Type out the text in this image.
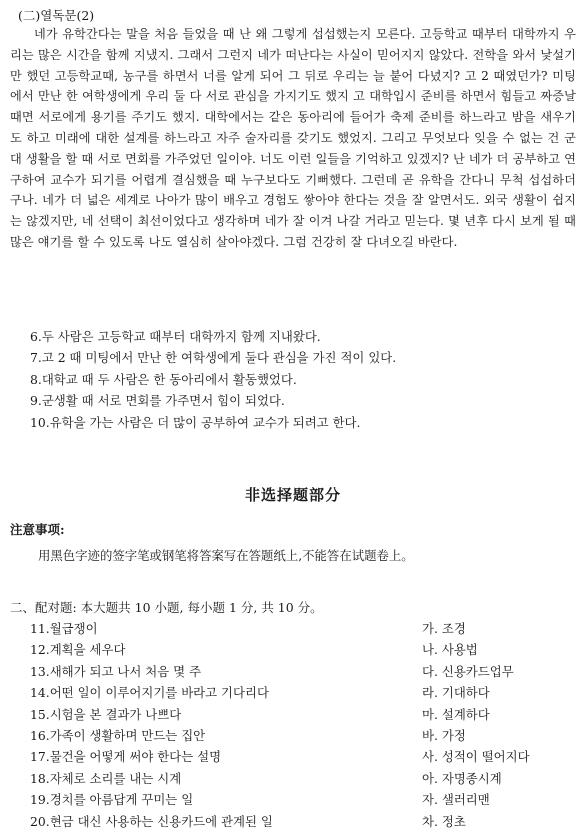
(二)열독문(2)
네가 유학간다는 말을 처음 들었을 때 난 왜 그렇게 섭섭했는지 모른다. 고등학교 때부터 대학까지 우리는 많은 시간을 함께 지냈지. 그래서 그런지 네가 떠난다는 사실이 믿어지지 않았다. 전학을 와서 낯설기만 했던 고등학교때, 농구를 하면서 너를 알게 되어 그 뒤로 우리는 늘 붙어 다녔지? 고 2 때였던가? 미팅에서 만난 한 여학생에게 우리 둘 다 서로 관심을 가지기도 했지 고 대학입시 준비를 하면서 힘들고 짜증날 때면 서로에게 용기를 주기도 했지. 대학에서는 같은 동아리에 들어가 축제 준비를 하느라고 밤을 새우기도 하고 미래에 대한 설계를 하느라고 자주 술자리를 갖기도 했었지. 그리고 무엇보다 잊을 수 없는 건 군대 생활을 할 때 서로 면회를 가주었던 일이야. 너도 이런 일들을 기억하고 있겠지? 난 네가 더 공부하고 연구하여 교수가 되기를 어렵게 결심했을 때 누구보다도 기뻐했다. 그런데 곧 유학을 간다니 무척 섭섭하더구나. 네가 더 넓은 세계로 나아가 많이 배우고 경험도 쌓아야 한다는 것을 잘 알면서도. 외국 생활이 쉽지는 않겠지만, 네 선택이 최선이었다고 생각하며 네가 잘 이겨 나갈 거라고 믿는다. 몇 년후 다시 보게 될 때 많은 얘기를 할 수 있도록 나도 열심히 살아야겠다. 그럼 건강히 잘 다녀오길 바란다.
6.두 사람은 고등학교 때부터 대학까지 함께 지내왔다.
7.고 2 때 미팅에서 만난 한 여학생에게 둘다 관심을 가진 적이 있다.
8.대학교 때 두 사람은 한 동아리에서 활동했었다.
9.군생활 때 서로 면회를 가주면서 힘이 되었다.
10.유학을 가는 사람은 더 많이 공부하여 교수가 되려고 한다.
非选择题部分
注意事项:
用黑色字迹的签字笔或钢笔将答案写在答题纸上,不能答在试题卷上。
二、配对题: 本大题共 10 小题, 每小题 1 分, 共 10 分。
11.월급쟁이	가. 조경
12.계획을 세우다	나. 사용법
13.새해가 되고 나서 처음 몇 주	다. 신용카드업무
14.어떤 일이 이루어지기를 바라고 기다리다	라. 기대하다
15.시험을 본 결과가 나쁘다	마. 설계하다
16.가족이 생활하며 만드는 집안	바. 가정
17.물건을 어떻게 써야 한다는 설명	사. 성적이 떨어지다
18.자체로 소리를 내는 시계	아. 자명종시계
19.경치를 아름답게 꾸미는 일	자. 샐러리맨
20.현금 대신 사용하는 신용카드에 관계된 일	차. 정초
